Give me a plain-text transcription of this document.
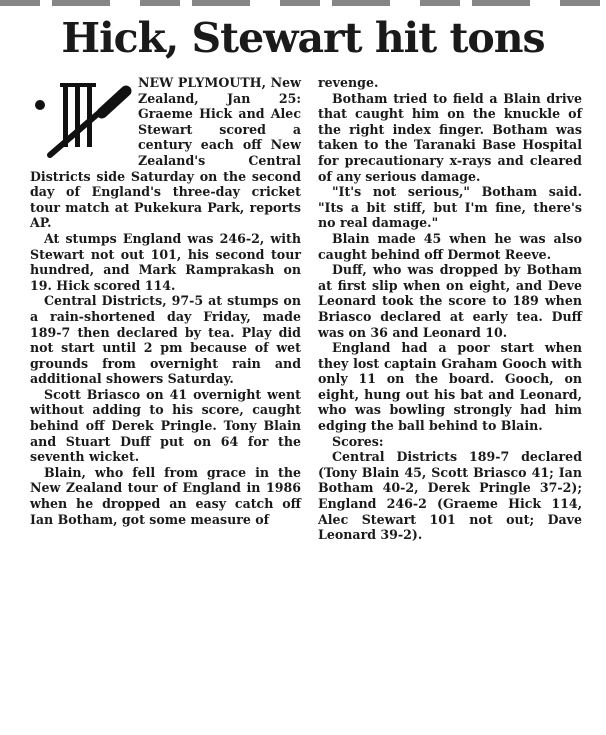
Hick, Stewart hit tons

NEW PLYMOUTH, New Zealand, Jan 25: Graeme Hick and Alec Stewart scored a century each off New Zealand's Central Districts side Saturday on the second day of England's three-day cricket tour match at Pukekura Park, reports AP.

At stumps England was 246-2, with Stewart not out 101, his second tour hundred, and Mark Ramprakash on 19. Hick scored 114.

Central Districts, 97-5 at stumps on a rain-shortened day Friday, made 189-7 then declared by tea. Play did not start until 2 pm because of wet grounds from overnight rain and additional showers Saturday.

Scott Briasco on 41 overnight went without adding to his score, caught behind off Derek Pringle. Tony Blain and Stuart Duff put on 64 for the seventh wicket.

Blain, who fell from grace in the New Zealand tour of England in 1986 when he dropped an easy catch off Ian Botham, got some measure of

revenge.

Botham tried to field a Blain drive that caught him on the knuckle of the right index finger. Botham was taken to the Taranaki Base Hospital for precautionary x-rays and cleared of any serious damage.

"It's not serious," Botham said. "Its a bit stiff, but I'm fine, there's no real damage."

Blain made 45 when he was also caught behind off Dermot Reeve.

Duff, who was dropped by Botham at first slip when on eight, and Deve Leonard took the score to 189 when Briasco declared at early tea. Duff was on 36 and Leonard 10.

England had a poor start when they lost captain Graham Gooch with only 11 on the board. Gooch, on eight, hung out his bat and Leonard, who was bowling strongly had him edging the ball behind to Blain.

Scores:

Central Districts 189-7 declared (Tony Blain 45, Scott Briasco 41; Ian Botham 40-2, Derek Pringle 37-2); England 246-2 (Graeme Hick 114, Alec Stewart 101 not out; Dave Leonard 39-2).
